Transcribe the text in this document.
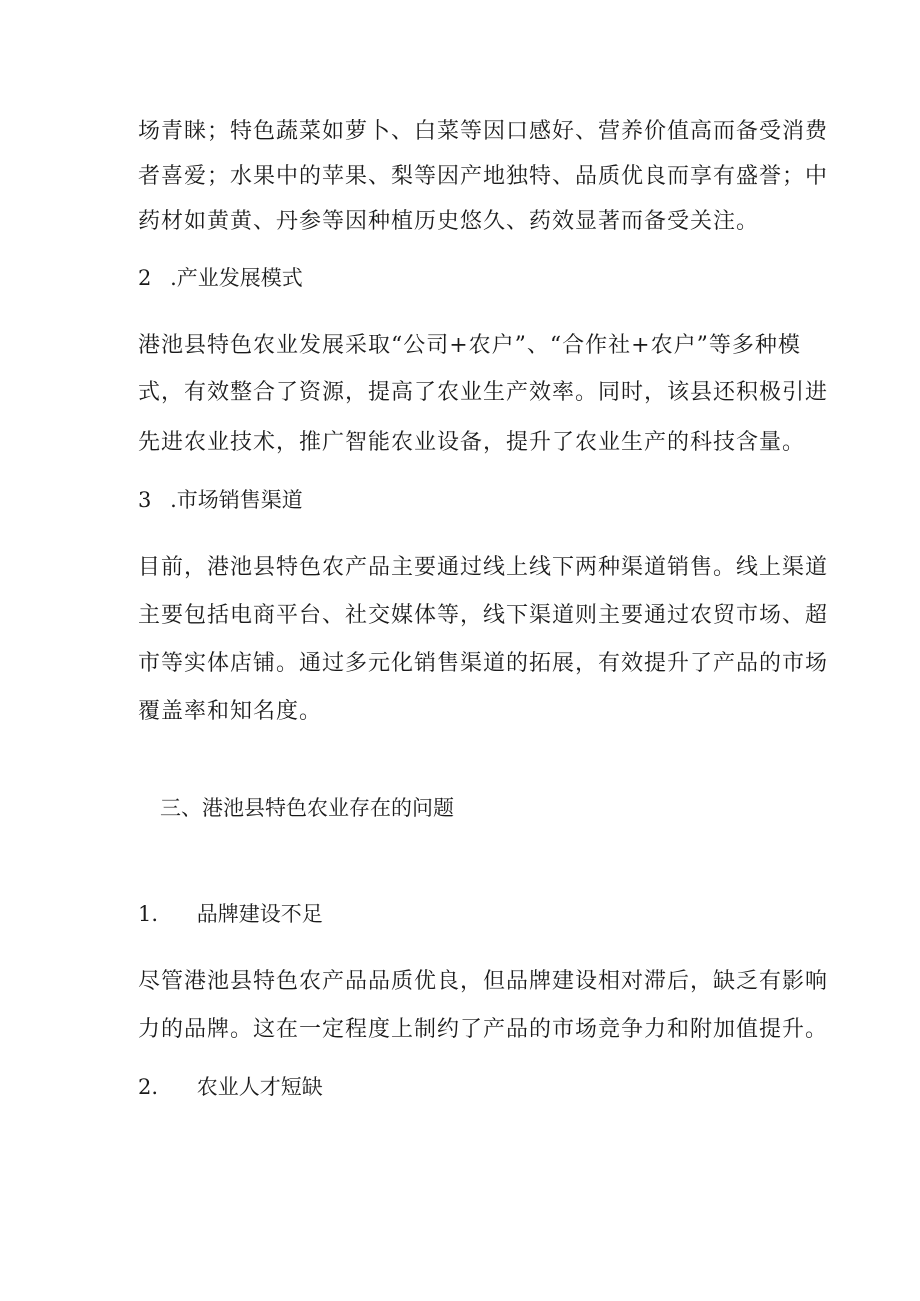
场青睐；特色蔬菜如萝卜、白菜等因口感好、营养价值高而备受消费
者喜爱；水果中的苹果、梨等因产地独特、品质优良而享有盛誉；中
药材如黄黄、丹参等因种植历史悠久、药效显著而备受关注。
2 .产业发展模式
港池县特色农业发展采取“公司+农户”、“合作社+农户”等多种模
式，有效整合了资源，提高了农业生产效率。同时，该县还积极引进
先进农业技术，推广智能农业设备，提升了农业生产的科技含量。
3 .市场销售渠道
目前，港池县特色农产品主要通过线上线下两种渠道销售。线上渠道
主要包括电商平台、社交媒体等，线下渠道则主要通过农贸市场、超
市等实体店铺。通过多元化销售渠道的拓展，有效提升了产品的市场
覆盖率和知名度。
三、港池县特色农业存在的问题
1. 品牌建设不足
尽管港池县特色农产品品质优良，但品牌建设相对滞后，缺乏有影响
力的品牌。这在一定程度上制约了产品的市场竞争力和附加值提升。
2. 农业人才短缺
